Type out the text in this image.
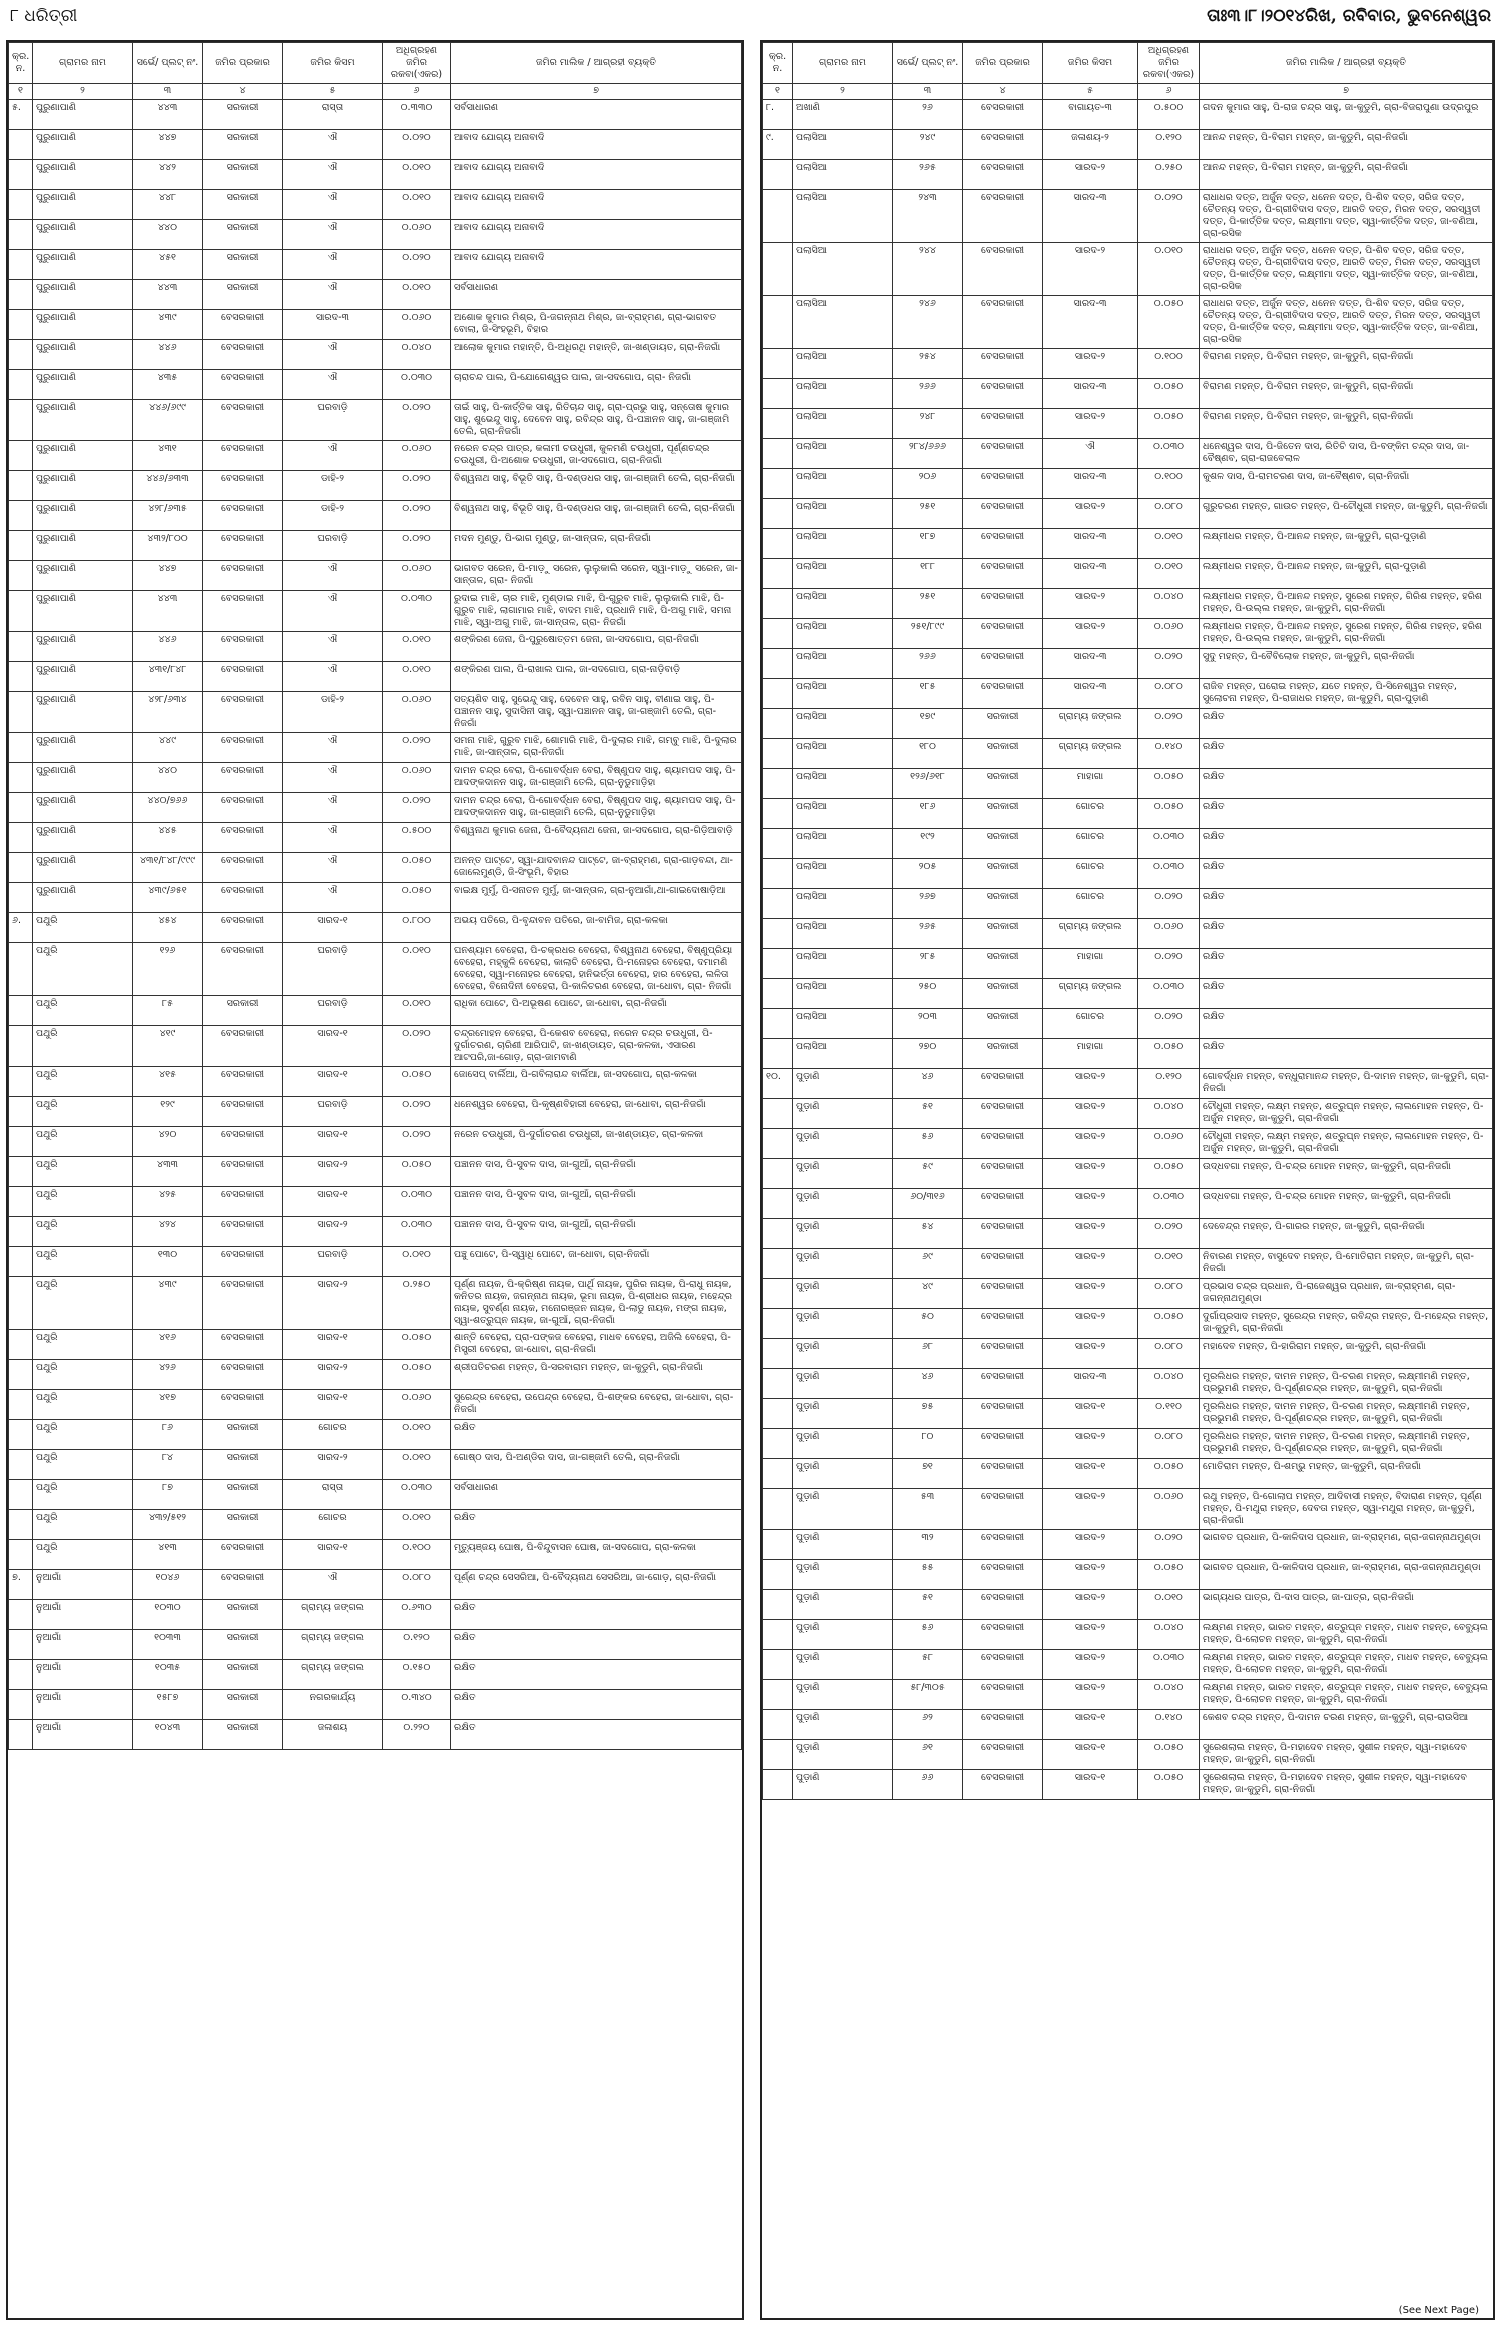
୮ ଧରିତ୍ରୀ	ତାଃ୩।୮।୨୦୧୪ରିଖ, ରବିବାର, ଭୁବନେଶ୍ୱର
କ୍ର. ନ.	ଗ୍ରାମର ନାମ	ସର୍ଭେ/ ପ୍ଲଟ୍ ନଂ.	ଜମିର ପ୍ରକାର	ଜମିର କିସମ	ଅଧିଗ୍ରହଣ ଜମିର ରକବା(ଏକର)	ଜମିର ମାଲିକ / ଆଗ୍ରହୀ ବ୍ୟକ୍ତି
୧	୨	୩	୪	୫	୬	୭
୫.	ପୁରୁଣାପାଣି	୪୪୩	ସରକାରୀ	ରାସ୍ତା	୦.୩୩୦	ସର୍ବସାଧାରଣ
	ପୁରୁଣାପାଣି	୪୪୭	ସରକାରୀ	ଐ	୦.୦୨୦	ଆବାଦ ଯୋଗ୍ୟ ଅନାବାଦି
	ପୁରୁଣାପାଣି	୪୪୨	ସରକାରୀ	ଐ	୦.୦୧୦	ଆବାଦ ଯୋଗ୍ୟ ଅନାବାଦି
	ପୁରୁଣାପାଣି	୪୪୮	ସରକାରୀ	ଐ	୦.୦୧୦	ଆବାଦ ଯୋଗ୍ୟ ଅନାବାଦି
	ପୁରୁଣାପାଣି	୪୪୦	ସରକାରୀ	ଐ	୦.୦୬୦	ଆବାଦ ଯୋଗ୍ୟ ଅନାବାଦି
	ପୁରୁଣାପାଣି	୪୫୧	ସରକାରୀ	ଐ	୦.୦୨୦	ଆବାଦ ଯୋଗ୍ୟ ଅନାବାଦି
	ପୁରୁଣାପାଣି	୪୪୩	ସରକାରୀ	ଐ	୦.୦୧୦	ସର୍ବସାଧାରଣ
	ପୁରୁଣାପାଣି	୪୩୯	ବେସରକାରୀ	ସାରଦ-୩	୦.୦୬୦	ଅଶୋକ କୁମାର ମିଶ୍ର, ପି-ଜଗନ୍ନାଥ ମିଶ୍ର, ଜା-ବ୍ରାହ୍ମଣ, ଗ୍ରା-ଭାଗବତ ବୋଲା, ଜି-ସିଂହଭୂମି, ବିହାର
	ପୁରୁଣାପାଣି	୪୪୬	ବେସରକାରୀ	ଐ	୦.୦୪୦	ଆଲୋକ କୁମାର ମହାନ୍ତି, ପି-ଅଧିରଥି ମହାନ୍ତି, ଜା-ଖଣ୍ଡାୟତ, ଗ୍ରା-ନିଜଗାଁ
	ପୁରୁଣାପାଣି	୪୩୫	ବେସରକାରୀ	ଐ	୦.୦୩୦	ଚାରାଚନ୍ଦ ପାଲ, ପି-ଯୋଗେଶ୍ୱର ପାଲ, ଜା-ସଦଗୋପ, ଗ୍ରା- ନିଜଗାଁ
	ପୁରୁଣାପାଣି	୪୪୬/୬୯୯	ବେସରକାରୀ	ଘରବାଡ଼ି	୦.୦୨୦	ତାଇଁ ସାହୁ, ପି-କାର୍ତ୍ତିକ ସାହୁ, ରିତିଚାନ୍ଦ ସାହୁ, ଗ୍ରା-ପ୍ରଭୁ ସାହୁ, ସନ୍ତୋଷ କୁମାର ସାହୁ, ଶୁଭେନ୍ଦୁ ସାହୁ, ଦେବେନ ସାହୁ, ରବିନ୍ଦ୍ର ସାହୁ, ପି-ପଞ୍ଚାନନ ସାହୁ, ଜା-ଗଞ୍ଜାମି ତେଲି, ଗ୍ରା-ନିଜଗାଁ
	ପୁରୁଣାପାଣି	୪୩୧	ବେସରକାରୀ	ଐ	୦.୦୬୦	ନରେନ ଚନ୍ଦ୍ର ପାତ୍ର, କଳାମୀ ଚଉଧୁରୀ, କୁଳମଣି ଚଉଧୁରୀ, ପୂର୍ଣ୍ଣଚନ୍ଦ୍ର ଚଉଧୁରୀ, ପି-ଅଶୋକ ଚଉଧୁରୀ, ଜା-ସଦଗୋପ, ଗ୍ରା-ନିଜଗାଁ
	ପୁରୁଣାପାଣି	୪୪୬/୬୩୩	ବେସରକାରୀ	ଡାହି-୨	୦.୦୨୦	ବିଶ୍ୱନାଥ ସାହୁ, ବିଭୂତି ସାହୁ, ପି-ଦଣ୍ଡଧର ସାହୁ, ଜା-ଗଞ୍ଜାମି ତେଲି, ଗ୍ରା-ନିଜଗାଁ
	ପୁରୁଣାପାଣି	୪୨୮/୬୩୫	ବେସରକାରୀ	ଡାହି-୨	୦.୦୨୦	ବିଶ୍ୱନାଥ ସାହୁ, ବିଭୂତି ସାହୁ, ପି-ଦଣ୍ଡଧର ସାହୁ, ଜା-ଗଞ୍ଜାମି ତେଲି, ଗ୍ରା-ନିଜଗାଁ
	ପୁରୁଣାପାଣି	୪୩୨/୮୦୦	ବେସରକାରୀ	ଘରବାଡ଼ି	୦.୦୨୦	ମଦନ ମୁଣ୍ଡୁ, ପି-ଭାଗ ମୁଣ୍ଡୁ, ଜା-ସାନ୍ତାଳ, ଗ୍ରା-ନିଜଗାଁ
	ପୁରୁଣାପାଣି	୪୪୭	ବେସରକାରୀ	ଐ	୦.୦୬୦	ଭାଗବତ ସରେନ, ପି-ମାଡ଼ୁ ସରେନ, ଲୁଲୁକାଲି ସରେନ, ସ୍ୱା-ମାଡ଼ୁ ସରେନ, ଜା-ସାନ୍ତାଳ, ଗ୍ରା- ନିଜଗାଁ
	ପୁରୁଣାପାଣି	୪୪୩	ବେସରକାରୀ	ଐ	୦.୦୩୦	ରୁଦାଇ ମାଝି, ଚାର ମାଝି, ମୁଣ୍ଡାଇ ମାଝି, ପି-ଗୁରୁବ ମାଝି, ଲୁଲୁକାଲି ମାଝି, ପି-ଗୁରୁବ ମାଝି, ଲାଗାମାର ମାଝି, ବାଦମ ମାଝି, ପ୍ରଧାନି ମାଝି, ପି-ଅଗୁ ମାଝି, ସମନା ମାଝି, ସ୍ୱା-ଅଗୁ ମାଝି, ଜା-ସାନ୍ତାଳ, ଗ୍ରା- ନିଜଗାଁ
	ପୁରୁଣାପାଣି	୪୪୬	ବେସରକାରୀ	ଐ	୦.୦୧୦	ଶଙ୍କିରଣ ଜେନା, ପି-ପୁରୁଷୋତ୍ତମ ଜେନା, ଜା-ସଦଗୋପ, ଗ୍ରା-ନିଜଗାଁ
	ପୁରୁଣାପାଣି	୪୩୧/୮୪୮	ବେସରକାରୀ	ଐ	୦.୦୧୦	ଶଙ୍କିରଣ ପାଲ, ପି-ରାଖାଲ ପାଲ, ଜା-ସଦଗୋପ, ଗ୍ରା-ନାଡ଼ିବାଡ଼ି
	ପୁରୁଣାପାଣି	୪୨୮/୬୩୪	ବେସରକାରୀ	ଡାହି-୨	୦.୦୬୦	ସତ୍ୟଶିବ ସାହୁ, ସୁଭେନ୍ଦୁ ସାହୁ, ଦେବେନ ସାହୁ, ରବିନ ସାହୁ, ବୀଣାଇ ସାହୁ, ପି-ପଞ୍ଚାନନ ସାହୁ, ସୁଦାସିନୀ ସାହୁ, ସ୍ୱା-ପଞ୍ଚାନନ ସାହୁ, ଜା-ଗଞ୍ଜାମି ତେଲି, ଗ୍ରା-ନିଜଗାଁ
	ପୁରୁଣାପାଣି	୪୪୯	ବେସରକାରୀ	ଐ	୦.୦୨୦	ସମନା ମାଝି, ଗୁରୁବ ମାଝି, ଶୋମାରି ମାଝି, ପି-ଦୁଲାର ମାଝି, ଗମ୍ବୁ ମାଝି, ପି-ଦୁଲାର ମାଝି, ଜା-ସାନ୍ତାଳ, ଗ୍ରା-ନିଜଗାଁ
	ପୁରୁଣାପାଣି	୪୪୦	ବେସରକାରୀ	ଐ	୦.୦୬୦	ଦାମନ ଚନ୍ଦ୍ର ବେରା, ପି-ଗୋବର୍ଦ୍ଧନ ବେରା, ବିଷ୍ଣୁପଦ ସାହୁ, ଶ୍ୟାମପଦ ସାହୁ, ପି-ଆଦଙ୍କଦାନନ ସାହୁ, ଜା-ଗଞ୍ଜାମି ତେଲି, ଗ୍ରା-ନୁଡୁମାଡ଼ିହା
	ପୁରୁଣାପାଣି	୪୪୦/୭୬୬	ବେସରକାରୀ	ଐ	୦.୦୨୦	ଦାମନ ଚନ୍ଦ୍ର ବେରା, ପି-ଗୋବର୍ଦ୍ଧନ ବେରା, ବିଷ୍ଣୁପଦ ସାହୁ, ଶ୍ୟାମପଦ ସାହୁ, ପି-ଆଦଙ୍କଦାନନ ସାହୁ, ଜା-ଗଞ୍ଜାମି ତେଲି, ଗ୍ରା-ନୁଡୁମାଡ଼ିହା
	ପୁରୁଣାପାଣି	୪୪୫	ବେସରକାରୀ	ଐ	୦.୫୦୦	ବିଶ୍ୱନାଥ କୁମାର ଜେନା, ପି-ବୈଦ୍ୟନାଥ ଜେନା, ଜା-ସଦଗୋପ, ଗ୍ରା-ଗିଡ଼ିଆବାଡ଼ି
	ପୁରୁଣାପାଣି	୪୩୧/୮୪୮/୯୯୯	ବେସରକାରୀ	ଐ	୦.୦୫୦	ଅନନ୍ତ ପାଟ୍ଟେ, ସ୍ୱା-ଯାଦବାନନ୍ଦ ପାଟ୍ଟେ, ଜା-ବ୍ରାହ୍ମଣ, ଗ୍ରା-ଗାଡ଼ବନ୍ଦା, ଥା-ଜୋଲେମୁଣ୍ଡି, ଜି-ସିଂଭୂମି, ବିହାର
	ପୁରୁଣାପାଣି	୪୩୯/୬୫୧	ବେସରକାରୀ	ଐ	୦.୦୫୦	ବାଇକ୍ଷ ମୁର୍ମୁ, ପି-ସନାତନ ମୁର୍ମୁ, ଜା-ସାନ୍ତାଳ, ଗ୍ରା-ନୁଆଗାଁ,ଥା-ଗାଇଦୋଷାଡ଼ିଆ
୬.	ପଥୁରି	୪୫୪	ବେସରକାରୀ	ସାରଦ-୧	୦.୮୦୦	ଅଭୟ ପତିରେ, ପି-ବୃନ୍ଦାବନ ପତିରେ, ଜା-ବାମିଜ, ଗ୍ରା-କଳକା
	ପଥୁରି	୧୨୬	ବେସରକାରୀ	ଘରବାଡ଼ି	୦.୦୧୦	ଘନଶ୍ୟାମ ବେହେରା, ପି-ଚକ୍ରଧର ବେହେରା, ବିଶ୍ୱନାଥ ବେହେରା, ବିଷ୍ଣୁପ୍ରିୟା ବେହେରା, ମହ୍କୁଳି ବେହେରା, କାଲାଚି ବେହେରା, ପି-ମନୋହର ବେହେରା, ଦମାମଣି ବେହେରା, ସ୍ୱା-ମନୋହର ବେହେରା, ହାନିଭର୍ତ୍ତା ବେହେରା, ହାର ବେହେରା, ଲଳିତା ବେହେରା, ବିନୋଦିନୀ ବେହେରା, ପି-କାଳିଚରଣ ବେହେରା, ଜା-ଧୋବା, ଗ୍ରା- ନିଜଗାଁ
	ପଥୁରି	୮୫	ସରକାରୀ	ଘରବାଡ଼ି	୦.୦୧୦	ରାଧିକା ପୋଟେ, ପି-ଅଭୂଷଣ ପୋଟେ, ଜା-ଧୋବା, ଗ୍ରା-ନିଜଗାଁ
	ପଥୁରି	୪୧୯	ବେସରକାରୀ	ସାରଦ-୧	୦.୦୨୦	ଚନ୍ଦ୍ରମୋହନ ବେହେରା, ପି-କେଶବ ବେହେରା, ନରେନ ଚନ୍ଦ୍ର ଚଉଧୁରୀ, ପି-ଦୁର୍ଗାଚରଣ, ଚାରିଣୀ ଆରିପାଟି, ଜା-ଖଣ୍ଡାୟତ, ଗ୍ରା-କଳକା, ଏସାରଣ ଆଟପରି,ଜା-ଗୋଡ଼, ଗ୍ରା-ଜାମବାଣି
	ପଥୁରି	୪୧୫	ବେସରକାରୀ	ସାରଦ-୧	୦.୦୫୦	ଜୋସେପ୍ ବାର୍ଲିଆ, ପି-ଗବିଲାରାନ୍ଦ ବାର୍ଲିଆ, ଜା-ସଦଗୋପ, ଗ୍ରା-କଳକା
	ପଥୁରି	୧୨୯	ବେସରକାରୀ	ଘରବାଡ଼ି	୦.୦୨୦	ଧନେଶ୍ୱର ବେହେରା, ପି-କୃଷ୍ଣବିହାରୀ ବେହେରା, ଜା-ଧୋବା, ଗ୍ରା-ନିଜଗାଁ
	ପଥୁରି	୪୨୦	ବେସରକାରୀ	ସାରଦ-୧	୦.୦୨୦	ନରେନ ଚଉଧୁରୀ, ପି-ଦୁର୍ଗାଚରଣ ଚଉଧୁରୀ, ଜା-ଖଣ୍ଡାୟତ, ଗ୍ରା-କଳକା
	ପଥୁରି	୪୩୩	ବେସରକାରୀ	ସାରଦ-୨	୦.୦୫୦	ପଞ୍ଚାନନ ଦାସ, ପି-ସୁବଳ ଦାସ, ଜା-ଗୁଆଁ, ଗ୍ରା-ନିଜଗାଁ
	ପଥୁରି	୪୨୫	ବେସରକାରୀ	ସାରଦ-୧	୦.୦୩୦	ପଞ୍ଚାନନ ଦାସ, ପି-ସୁବଳ ଦାସ, ଜା-ଗୁଆଁ, ଗ୍ରା-ନିଜଗାଁ
	ପଥୁରି	୪୨୪	ବେସରକାରୀ	ସାରଦ-୨	୦.୦୩୦	ପଞ୍ଚାନନ ଦାସ, ପି-ସୁବଳ ଦାସ, ଜା-ଗୁଆଁ, ଗ୍ରା-ନିଜଗାଁ
	ପଥୁରି	୧୩୦	ବେସରକାରୀ	ଘରବାଡ଼ି	୦.୦୧୦	ପଞ୍ଚୁ ପୋଟେ, ପି-ସ୍ୱାଧି ପୋଟେ, ଜା-ଧୋବା, ଗ୍ରା-ନିଜଗାଁ
	ପଥୁରି	୪୩୯	ବେସରକାରୀ	ସାରଦ-୨	୦.୨୫୦	ପୂର୍ଣ୍ଣ ନାୟକ, ପି-କ୍ରିଷ୍ଣ ନାୟକ, ପାର୍ଥି ନାୟକ, ପୁରିର ନାୟକ, ପି-ରାଧୁ ନାୟକ, କନିତର ନାୟକ, ଜଗନ୍ନାଥ ନାୟକ, ଭୂମା ନାୟକ, ପି-ଶ୍ରୀଧର ନାୟକ, ମହେନ୍ଦ୍ର ନାୟକ, ସୁବର୍ଣ୍ଣ ନାୟକ, ମନୋରଞ୍ଜନ ନାୟକ, ପି-ଲାଡୁ ନାୟକ, ମଙ୍ଗ ନାୟକ, ସ୍ୱା-ଶତ୍ରୁଘ୍ନ ନାୟକ, ଜା-ଗୁଆଁ, ଗ୍ରା-ନିଜଗାଁ
	ପଥୁରି	୪୧୬	ବେସରକାରୀ	ସାରଦ-୧	୦.୦୫୦	ଶାନ୍ତି ବେହେରା, ପ୍ରା-ପଙ୍କଜ ବେହେରା, ମାଧବ ବେହେରା, ଅଜିଲି ବେହେରା, ପି-ମିସ୍ତ୍ରୀ ବେହେରା, ଜା-ଧୋବା, ଗ୍ରା-ନିଜଗାଁ
	ପଥୁରି	୪୨୬	ବେସରକାରୀ	ସାରଦ-୨	୦.୦୫୦	ଶ୍ରୀପତିଚରଣ ମହନ୍ତ, ପି-ସରବାରାମ ମହନ୍ତ, ଜା-କୁଡୁମି, ଗ୍ରା-ନିଜଗାଁ
	ପଥୁରି	୪୧୭	ବେସରକାରୀ	ସାରଦ-୧	୦.୦୬୦	ସୁରେନ୍ଦ୍ର ବେହେରା, ଉପେନ୍ଦ୍ର ବେହେରା, ପି-ଶଙ୍କର ବେହେରା, ଜା-ଧୋବା, ଗ୍ରା-ନିଜଗାଁ
	ପଥୁରି	୮୬	ସରକାରୀ	ଗୋଚର	୦.୦୧୦	ରକ୍ଷିତ
	ପଥୁରି	୮୪	ସରକାରୀ	ସାରଦ-୨	୦.୦୧୦	ଗୋଷ୍ଠ ଦାସ, ପି-ଅଣ୍ଡିର ଦାସ, ଜା-ଗଞ୍ଜାମି ତେଲି, ଗ୍ରା-ନିଜଗାଁ
	ପଥୁରି	୮୭	ସରକାରୀ	ରାସ୍ତା	୦.୦୩୦	ସର୍ବସାଧାରଣ
	ପଥୁରି	୪୩୨/୫୧୨	ସରକାରୀ	ଗୋଚର	୦.୦୧୦	ରକ୍ଷିତ
	ପଥୁରି	୪୧୩	ବେସରକାରୀ	ସାରଦ-୧	୦.୧୦୦	ମୃତ୍ୟୁଞ୍ଜୟ ଘୋଷ, ପି-ବିନ୍ଦୁବାସନ ଘୋଷ, ଜା-ସଦଗୋପ, ଗ୍ରା-କଳକା
୭.	ନୁଆଗାଁ	୧୦୪୬	ବେସରକାରୀ	ଐ	୦.୦୮୦	ପୂର୍ଣ୍ଣ ଚନ୍ଦ୍ର ସେସରିଆ, ପି-ବୈଦ୍ୟନାଥ ସେସରିଆ, ଜା-ଗୋଡ଼, ଗ୍ରା-ନିଜଗାଁ
	ନୁଆଗାଁ	୧୦୩୦	ସରକାରୀ	ଗ୍ରାମ୍ୟ ଜଙ୍ଗଲ	୦.୬୩୦	ରକ୍ଷିତ
	ନୁଆଗାଁ	୧୦୩୩	ସରକାରୀ	ଗ୍ରାମ୍ୟ ଜଙ୍ଗଲ	୦.୧୨୦	ରକ୍ଷିତ
	ନୁଆଗାଁ	୧୦୩୫	ସରକାରୀ	ଗ୍ରାମ୍ୟ ଜଙ୍ଗଲ	୦.୧୫୦	ରକ୍ଷିତ
	ନୁଆଗାଁ	୧୫୮୭	ସରକାରୀ	ନଗରକାର୍ଯ୍ୟ	୦.୩୪୦	ରକ୍ଷିତ
	ନୁଆଗାଁ	୧୦୪୩	ସରକାରୀ	ଜଳାଶୟ	୦.୨୨୦	ରକ୍ଷିତ
କ୍ର. ନ.	ଗ୍ରାମର ନାମ	ସର୍ଭେ/ ପ୍ଲଟ୍ ନଂ.	ଜମିର ପ୍ରକାର	ଜମିର କିସମ	ଅଧିଗ୍ରହଣ ଜମିର ରକବା(ଏକର)	ଜମିର ମାଲିକ / ଆଗ୍ରହୀ ବ୍ୟକ୍ତି
୧	୨	୩	୪	୫	୬	୭
୮.	ଅଖାଣି	୨୬	ବେସରକାରୀ	ବାଗାୟତ-୩	୦.୫୦୦	ଗଦନ କୁମାର ସାହୁ, ପି-ରାଜ ଚନ୍ଦ୍ର ସାହୁ, ଜା-କୁଡୁମି, ଗ୍ରା-ବିଜରାପୁଣା ଉଦ୍ରପୁର
୯.	ପଲାସିଆ	୨୪୯	ବେସରକାରୀ	ଜଳାଶୟ-୨	୦.୧୨୦	ଆନନ୍ଦ ମହନ୍ତ, ପି-ବିରାମ ମହନ୍ତ, ଜା-କୁଡୁମି, ଗ୍ରା-ନିଜଗାଁ
	ପଲାସିଆ	୨୬୫	ବେସରକାରୀ	ସାରଦ-୨	୦.୨୫୦	ଆନନ୍ଦ ମହନ୍ତ, ପି-ବିରାମ ମହନ୍ତ, ଜା-କୁଡୁମି, ଗ୍ରା-ନିଜଗାଁ
	ପଲାସିଆ	୨୪୩	ବେସରକାରୀ	ସାରଦ-୩	୦.୦୨୦	ରାଧାଧର ଦତ୍ତ, ଅର୍ଜୁନ ଦତ୍ତ, ଧନେନ ଦତ୍ତ, ପି-ଶିବ ଦତ୍ତ, ସରିଜ ଦତ୍ତ, ଚୈତନ୍ୟ ଦତ୍ତ, ପି-ଗ୍ରୀବିଦାସ ଦତ୍ତ, ଆରତି ଦତ୍ତ, ମିରନ ଦତ୍ତ, ସରସ୍ୱତୀ ଦତ୍ତ, ପି-କାର୍ତ୍ତିକ ଦତ୍ତ, ଲକ୍ଷ୍ମୀମା ଦତ୍ତ, ସ୍ୱା-କାର୍ତ୍ତିକ ଦତ୍ତ, ଜା-ବଣିଆ, ଗ୍ରା-ରସିକ
	ପଲାସିଆ	୨୪୪	ବେସରକାରୀ	ସାରଦ-୨	୦.୦୧୦	ରାଧାଧର ଦତ୍ତ, ଅର୍ଜୁନ ଦତ୍ତ, ଧନେନ ଦତ୍ତ, ପି-ଶିବ ଦତ୍ତ, ସରିଜ ଦତ୍ତ, ଚୈତନ୍ୟ ଦତ୍ତ, ପି-ଗ୍ରୀବିଦାସ ଦତ୍ତ, ଆରତି ଦତ୍ତ, ମିରନ ଦତ୍ତ, ସରସ୍ୱତୀ ଦତ୍ତ, ପି-କାର୍ତ୍ତିକ ଦତ୍ତ, ଲକ୍ଷ୍ମୀମା ଦତ୍ତ, ସ୍ୱା-କାର୍ତ୍ତିକ ଦତ୍ତ, ଜା-ବଣିଆ, ଗ୍ରା-ରସିକ
	ପଲାସିଆ	୨୪୬	ବେସରକାରୀ	ସାରଦ-୩	୦.୦୫୦	ରାଧାଧର ଦତ୍ତ, ଅର୍ଜୁନ ଦତ୍ତ, ଧନେନ ଦତ୍ତ, ପି-ଶିବ ଦତ୍ତ, ସରିଜ ଦତ୍ତ, ଚୈତନ୍ୟ ଦତ୍ତ, ପି-ଗ୍ରୀବିଦାସ ଦତ୍ତ, ଆରତି ଦତ୍ତ, ମିରନ ଦତ୍ତ, ସରସ୍ୱତୀ ଦତ୍ତ, ପି-କାର୍ତ୍ତିକ ଦତ୍ତ, ଲକ୍ଷ୍ମୀମା ଦତ୍ତ, ସ୍ୱା-କାର୍ତ୍ତିକ ଦତ୍ତ, ଜା-ବଣିଆ, ଗ୍ରା-ରସିକ
	ପଲାସିଆ	୨୫୪	ବେସରକାରୀ	ସାରଦ-୨	୦.୧୦୦	ବିରାମଣ ମହନ୍ତ, ପି-ବିରାମ ମହନ୍ତ, ଜା-କୁଡୁମି, ଗ୍ରା-ନିଜଗାଁ
	ପଲାସିଆ	୨୬୬	ବେସରକାରୀ	ସାରଦ-୩	୦.୦୫୦	ବିରାମଣ ମହନ୍ତ, ପି-ବିରାମ ମହନ୍ତ, ଜା-କୁଡୁମି, ଗ୍ରା-ନିଜଗାଁ
	ପଲାସିଆ	୨୪୮	ବେସରକାରୀ	ସାରଦ-୨	୦.୦୫୦	ବିରାମଣ ମହନ୍ତ, ପି-ବିରାମ ମହନ୍ତ, ଜା-କୁଡୁମି, ଗ୍ରା-ନିଜଗାଁ
	ପଲାସିଆ	୨୮୪/୬୬୬	ବେସରକାରୀ	ଐ	୦.୦୩୦	ଧନେଶ୍ୱର ଦାସ, ପି-ଜିତେନ ଦାସ, ରିତିଚି ଦାସ, ପି-ବଙ୍କିମ ଚନ୍ଦ୍ର ଦାସ, ଜା-ବୈଷ୍ଣବ, ଗ୍ରା-ରାଜବେଲାଳ
	ପଲାସିଆ	୨୦୬	ବେସରକାରୀ	ସାରଦ-୩	୦.୧୦୦	କୁଶଳ ଦାସ, ପି-ରାମଚରଣ ଦାସ, ଜା-ବୈଷ୍ଣବ, ଗ୍ରା-ନିଜଗାଁ
	ପଲାସିଆ	୨୫୧	ବେସରକାରୀ	ସାରଦ-୨	୦.୦୮୦	ଗୁରୁଚରଣ ମହନ୍ତ, ଗାଉଚ ମହନ୍ତ, ପି-ଟୌଧୁରୀ ମହନ୍ତ, ଜା-କୁଡୁମି, ଗ୍ରା-ନିଜଗାଁ
	ପଲାସିଆ	୧୮୭	ବେସରକାରୀ	ସାରଦ-୩	୦.୦୧୦	ଲକ୍ଷ୍ମୀଧର ମହନ୍ତ, ପି-ଆନନ୍ଦ ମହନ୍ତ, ଜା-କୁଡୁମି, ଗ୍ରା-ପୁଡ଼ାଣି
	ପଲାସିଆ	୧୮୮	ବେସରକାରୀ	ସାରଦ-୩	୦.୦୧୦	ଲକ୍ଷ୍ମୀଧର ମହନ୍ତ, ପି-ଆନନ୍ଦ ମହନ୍ତ, ଜା-କୁଡୁମି, ଗ୍ରା-ପୁଡ଼ାଣି
	ପଲାସିଆ	୨୫୧	ବେସରକାରୀ	ସାରଦ-୨	୦.୦୪୦	ଲକ୍ଷ୍ମୀଧର ମହନ୍ତ, ପି-ଆନନ୍ଦ ମହନ୍ତ, ସୁରେଶ ମହନ୍ତ, ଗିରିଶ ମହନ୍ତ, ହରିଶ ମହନ୍ତ, ପି-ଉଲ୍ଲ ମହନ୍ତ, ଜା-କୁଡୁମି, ଗ୍ରା-ନିଜଗାଁ
	ପଲାସିଆ	୨୫୧/୮୯୯	ବେସରକାରୀ	ସାରଦ-୨	୦.୦୬୦	ଲକ୍ଷ୍ମୀଧର ମହନ୍ତ, ପି-ଆନନ୍ଦ ମହନ୍ତ, ସୁରେଶ ମହନ୍ତ, ଗିରିଶ ମହନ୍ତ, ହରିଶ ମହନ୍ତ, ପି-ଉଲ୍ଲ ମହନ୍ତ, ଜା-କୁଡୁମି, ଗ୍ରା-ନିଜଗାଁ
	ପଲାସିଆ	୨୬୬	ବେସରକାରୀ	ସାରଦ-୩	୦.୦୨୦	ସୁଦୁ ମହନ୍ତ, ପି-ବୈବିଲୋକ ମହନ୍ତ, ଜା-କୁଡୁମି, ଗ୍ରା-ନିଜଗାଁ
	ପଲାସିଆ	୧୮୫	ବେସରକାରୀ	ସାରଦ-୩	୦.୦୮୦	ରାଜିବ ମହନ୍ତ, ଘରୋଇ ମହନ୍ତ, ଯତେ ମହନ୍ତ, ପି-ସିନେଶ୍ୱର ମହନ୍ତ, ସୁଲୋଚନା ମହନ୍ତ, ପି-ରାଜାଧର ମହନ୍ତ, ଜା-କୁଡୁମି, ଗ୍ରା-ପୁଡ଼ାଣି
	ପଲାସିଆ	୧୭୯	ସରକାରୀ	ଗ୍ରାମ୍ୟ ଜଙ୍ଗଲ	୦.୦୨୦	ରକ୍ଷିତ
	ପଲାସିଆ	୧୮୦	ସରକାରୀ	ଗ୍ରାମ୍ୟ ଜଙ୍ଗଲ	୦.୧୪୦	ରକ୍ଷିତ
	ପଲାସିଆ	୧୨୬/୬୧୮	ସରକାରୀ	ମାହାଗା	୦.୦୫୦	ରକ୍ଷିତ
	ପଲାସିଆ	୧୮୬	ସରକାରୀ	ଗୋଚର	୦.୦୫୦	ରକ୍ଷିତ
	ପଲାସିଆ	୧୯୨	ସରକାରୀ	ଗୋଚର	୦.୦୩୦	ରକ୍ଷିତ
	ପଲାସିଆ	୨୦୫	ସରକାରୀ	ଗୋଚର	୦.୦୩୦	ରକ୍ଷିତ
	ପଲାସିଆ	୨୬୭	ସରକାରୀ	ଗୋଚର	୦.୦୨୦	ରକ୍ଷିତ
	ପଲାସିଆ	୨୬୫	ସରକାରୀ	ଗ୍ରାମ୍ୟ ଜଙ୍ଗଲ	୦.୦୬୦	ରକ୍ଷିତ
	ପଲାସିଆ	୨୮୫	ସରକାରୀ	ମାହାଗା	୦.୦୨୦	ରକ୍ଷିତ
	ପଲାସିଆ	୨୫୦	ସରକାରୀ	ଗ୍ରାମ୍ୟ ଜଙ୍ଗଲ	୦.୦୩୦	ରକ୍ଷିତ
	ପଲାସିଆ	୨୦୩	ସରକାରୀ	ଗୋଚର	୦.୦୨୦	ରକ୍ଷିତ
	ପଲାସିଆ	୨୭୦	ସରକାରୀ	ମାହାଗା	୦.୦୫୦	ରକ୍ଷିତ
୧୦.	ପୁଡ଼ାଣି	୪୬	ବେସରକାରୀ	ସାରଦ-୨	୦.୧୨୦	ଗୋବର୍ଦ୍ଧନ ମହନ୍ତ, ବନ୍ଧୁରାମାନନ୍ଦ ମହନ୍ତ, ପି-ଦାମନ ମହନ୍ତ, ଜା-କୁଡୁମି, ଗ୍ରା-ନିଜଗାଁ
	ପୁଡ଼ାଣି	୫୧	ବେସରକାରୀ	ସାରଦ-୨	୦.୦୪୦	ଟୌଧୁରୀ ମହନ୍ତ, ଲକ୍ଷ୍ମ ମହନ୍ତ, ଶତ୍ରୁଘ୍ନ ମହନ୍ତ, ଲାଲମୋହନ ମହନ୍ତ, ପି-ଅର୍ଜୁନ ମହନ୍ତ, ଜା-କୁଡୁମି, ଗ୍ରା-ନିଜଗାଁ
	ପୁଡ଼ାଣି	୫୬	ବେସରକାରୀ	ସାରଦ-୨	୦.୦୬୦	ଟୌଧୁରୀ ମହନ୍ତ, ଲକ୍ଷ୍ମ ମହନ୍ତ, ଶତ୍ରୁଘ୍ନ ମହନ୍ତ, ଲାଲମୋହନ ମହନ୍ତ, ପି-ଅର୍ଜୁନ ମହନ୍ତ, ଜା-କୁଡୁମି, ଗ୍ରା-ନିଜଗାଁ
	ପୁଡ଼ାଣି	୫୯	ବେସରକାରୀ	ସାରଦ-୨	୦.୦୫୦	ଉଦ୍ଧବଗା ମହନ୍ତ, ପି-ଚନ୍ଦ୍ର ମୋହନ ମହନ୍ତ, ଜା-କୁଡୁମି, ଗ୍ରା-ନିଜଗାଁ
	ପୁଡ଼ାଣି	୬୦/୩୧୬	ବେସରକାରୀ	ସାରଦ-୨	୦.୦୩୦	ଉଦ୍ଧବଗା ମହନ୍ତ, ପି-ଚନ୍ଦ୍ର ମୋହନ ମହନ୍ତ, ଜା-କୁଡୁମି, ଗ୍ରା-ନିଜଗାଁ
	ପୁଡ଼ାଣି	୫୪	ବେସରକାରୀ	ସାରଦ-୨	୦.୦୨୦	ଦେବେନ୍ଦ୍ର ମହନ୍ତ, ପି-ଗାରର ମହନ୍ତ, ଜା-କୁଡୁମି, ଗ୍ରା-ନିଜଗାଁ
	ପୁଡ଼ାଣି	୬୯	ବେସରକାରୀ	ସାରଦ-୨	୦.୦୧୦	ନିବାରଣ ମହନ୍ତ, ବାସୁଦେବ ମହନ୍ତ, ପି-ମୋତିରାମ ମହନ୍ତ, ଜା-କୁଡୁମି, ଗ୍ରା-ନିଜଗାଁ
	ପୁଡ଼ାଣି	୪୯	ବେସରକାରୀ	ସାରଦ-୨	୦.୦୮୦	ପ୍ରଭାସ ଚନ୍ଦ୍ର ପ୍ରଧାନ, ପି-ରାଜେଶ୍ୱର ପ୍ରଧାନ, ଜା-ବ୍ରାହ୍ମଣ, ଗ୍ରା-ଜଗନ୍ନାଥମୁଣ୍ଡା
	ପୁଡ଼ାଣି	୫୦	ବେସରକାରୀ	ସାରଦ-୨	୦.୦୫୦	ଦୁର୍ଗାପ୍ରସାଦ ମହନ୍ତ, ସୁରେନ୍ଦ୍ର ମହନ୍ତ, ରବିନ୍ଦ୍ର ମହନ୍ତ, ପି-ମହେନ୍ଦ୍ର ମହନ୍ତ, ଜା-କୁଡୁମି, ଗ୍ରା-ନିଜଗାଁ
	ପୁଡ଼ାଣି	୬୮	ବେସରକାରୀ	ସାରଦ-୨	୦.୦୮୦	ମହାଦେବ ମହନ୍ତ, ପି-ହାରିରାମ ମହନ୍ତ, ଜା-କୁଡୁମି, ଗ୍ରା-ନିଜଗାଁ
	ପୁଡ଼ାଣି	୪୬	ବେସରକାରୀ	ସାରଦ-୩	୦.୦୪୦	ମୁରଲିଧର ମହନ୍ତ, ଦାମନ ମହନ୍ତ, ପି-ଚରଣ ମହନ୍ତ, ଲକ୍ଷ୍ମୀମଣି ମହନ୍ତ, ପ୍ରଭୁମଣି ମହନ୍ତ, ପି-ପୂର୍ଣ୍ଣଚନ୍ଦ୍ର ମହନ୍ତ, ଜା-କୁଡୁମି, ଗ୍ରା-ନିଜଗାଁ
	ପୁଡ଼ାଣି	୭୫	ବେସରକାରୀ	ସାରଦ-୧	୦.୧୧୦	ମୁରଲିଧର ମହନ୍ତ, ଦାମନ ମହନ୍ତ, ପି-ଚରଣ ମହନ୍ତ, ଲକ୍ଷ୍ମୀମଣି ମହନ୍ତ, ପ୍ରଭୁମଣି ମହନ୍ତ, ପି-ପୂର୍ଣ୍ଣଚନ୍ଦ୍ର ମହନ୍ତ, ଜା-କୁଡୁମି, ଗ୍ରା-ନିଜଗାଁ
	ପୁଡ଼ାଣି	୮୦	ବେସରକାରୀ	ସାରଦ-୨	୦.୦୮୦	ମୁରଲିଧର ମହନ୍ତ, ଦାମନ ମହନ୍ତ, ପି-ଚରଣ ମହନ୍ତ, ଲକ୍ଷ୍ମୀମଣି ମହନ୍ତ, ପ୍ରଭୁମଣି ମହନ୍ତ, ପି-ପୂର୍ଣ୍ଣଚନ୍ଦ୍ର ମହନ୍ତ, ଜା-କୁଡୁମି, ଗ୍ରା-ନିଜଗାଁ
	ପୁଡ଼ାଣି	୭୧	ବେସରକାରୀ	ସାରଦ-୧	୦.୦୫୦	ମୋତିରାମ ମହନ୍ତ, ପି-ଶମ୍ଭୁ ମହନ୍ତ, ଜା-କୁଡୁମି, ଗ୍ରା-ନିଜଗାଁ
	ପୁଡ଼ାଣି	୫୩	ବେସରକାରୀ	ସାରଦ-୨	୦.୦୬୦	ରଥୁ ମହନ୍ତ, ପି-ଗୋଲାପ ମହନ୍ତ, ଆଦିବାସୀ ମହନ୍ତ, ବିଦାରାଣ ମହନ୍ତ, ପୂର୍ଣ୍ଣ ମହନ୍ତ, ପି-ମଥୁରା ମହନ୍ତ, ଦେବତା ମହନ୍ତ, ସ୍ୱା-ମଥୁରା ମହନ୍ତ, ଜା-କୁଡୁମି, ଗ୍ରା-ନିଜଗାଁ
	ପୁଡ଼ାଣି	୩୨	ବେସରକାରୀ	ସାରଦ-୨	୦.୦୨୦	ଭାଗବତ ପ୍ରଧାନ, ପି-କାଳିଦାସ ପ୍ରଧାନ, ଜା-ବ୍ରାହ୍ମଣ, ଗ୍ରା-ଜଗନ୍ନାଥମୁଣ୍ଡା
	ପୁଡ଼ାଣି	୫୫	ବେସରକାରୀ	ସାରଦ-୨	୦.୦୫୦	ଭାଗବତ ପ୍ରଧାନ, ପି-କାଳିଦାସ ପ୍ରଧାନ, ଜା-ବ୍ରାହ୍ମଣ, ଗ୍ରା-ଜଗନ୍ନାଥମୁଣ୍ଡା
	ପୁଡ଼ାଣି	୫୧	ବେସରକାରୀ	ସାରଦ-୨	୦.୦୧୦	ଭାଗ୍ୟଧର ପାତ୍ର, ପି-ଦାସ ପାତ୍ର, ଜା-ପାତ୍ର, ଗ୍ରା-ନିଜଗାଁ
	ପୁଡ଼ାଣି	୫୬	ବେସରକାରୀ	ସାରଦ-୨	୦.୦୪୦	ଲକ୍ଷ୍ମଣ ମହନ୍ତ, ଭାରତ ମହନ୍ତ, ଶତ୍ରୁଘ୍ନ ମହନ୍ତ, ମାଧବ ମହନ୍ତ, ବେବ୍ୟୁଲ ମହନ୍ତ, ପି-ଲୋଚନ ମହନ୍ତ, ଜା-କୁଡୁମି, ଗ୍ରା-ନିଜଗାଁ
	ପୁଡ଼ାଣି	୫୮	ବେସରକାରୀ	ସାରଦ-୨	୦.୦୩୦	ଲକ୍ଷ୍ମଣ ମହନ୍ତ, ଭାରତ ମହନ୍ତ, ଶତ୍ରୁଘ୍ନ ମହନ୍ତ, ମାଧବ ମହନ୍ତ, ବେବ୍ୟୁଲ ମହନ୍ତ, ପି-ଲୋଚନ ମହନ୍ତ, ଜା-କୁଡୁମି, ଗ୍ରା-ନିଜଗାଁ
	ପୁଡ଼ାଣି	୫୮/୩୦୫	ବେସରକାରୀ	ସାରଦ-୨	୦.୦୪୦	ଲକ୍ଷ୍ମଣ ମହନ୍ତ, ଭାରତ ମହନ୍ତ, ଶତ୍ରୁଘ୍ନ ମହନ୍ତ, ମାଧବ ମହନ୍ତ, ବେବ୍ୟୁଲ ମହନ୍ତ, ପି-ଲୋଚନ ମହନ୍ତ, ଜା-କୁଡୁମି, ଗ୍ରା-ନିଜଗାଁ
	ପୁଡ଼ାଣି	୬୨	ବେସରକାରୀ	ସାରଦ-୧	୦.୧୪୦	କେଶବ ଚନ୍ଦ୍ର ମହନ୍ତ, ପି-ଦାମନ ଚରଣ ମହନ୍ତ, ଜା-କୁଡୁମି, ଗ୍ରା-ରାଉସିଆ
	ପୁଡ଼ାଣି	୬୧	ବେସରକାରୀ	ସାରଦ-୧	୦.୦୫୦	ସୁରେଶଲାଲ ମହନ୍ତ, ପି-ମହାଦେବ ମହନ୍ତ, ସୁଶୀଳ ମହନ୍ତ, ସ୍ୱା-ମହାଦେବ ମହନ୍ତ, ଜା-କୁଡୁମି, ଗ୍ରା-ନିଜଗାଁ
	ପୁଡ଼ାଣି	୬୬	ବେସରକାରୀ	ସାରଦ-୧	୦.୦୫୦	ସୁରେଶଲାଲ ମହନ୍ତ, ପି-ମହାଦେବ ମହନ୍ତ, ସୁଶୀଳ ମହନ୍ତ, ସ୍ୱା-ମହାଦେବ ମହନ୍ତ, ଜା-କୁଡୁମି, ଗ୍ରା-ନିଜଗାଁ
(See Next Page)
